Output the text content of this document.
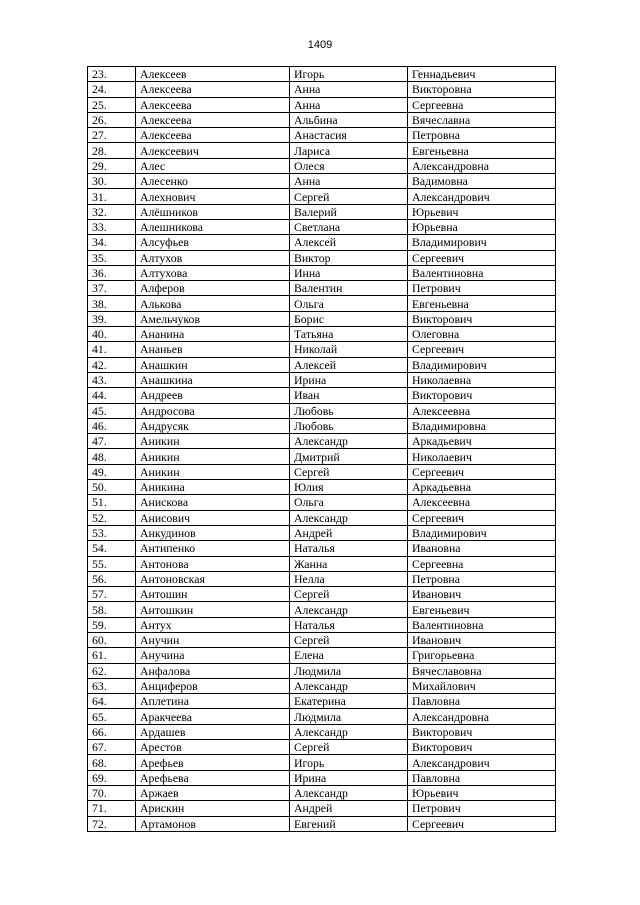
1409
23.	Алексеев	Игорь	Геннадьевич
24.	Алексеева	Анна	Викторовна
25.	Алексеева	Анна	Сергеевна
26.	Алексеева	Альбина	Вячеславна
27.	Алексеева	Анастасия	Петровна
28.	Алексеевич	Лариса	Евгеньевна
29.	Алес	Олеся	Александровна
30.	Алесенко	Анна	Вадимовна
31.	Алехнович	Сергей	Александрович
32.	Алёшников	Валерий	Юрьевич
33.	Алешникова	Светлана	Юрьевна
34.	Алсуфьев	Алексей	Владимирович
35.	Алтухов	Виктор	Сергеевич
36.	Алтухова	Инна	Валентиновна
37.	Алферов	Валентин	Петрович
38.	Алькова	Ольга	Евгеньевна
39.	Амельчуков	Борис	Викторович
40.	Ананина	Татьяна	Олеговна
41.	Ананьев	Николай	Сергеевич
42.	Анашкин	Алексей	Владимирович
43.	Анашкина	Ирина	Николаевна
44.	Андреев	Иван	Викторович
45.	Андросова	Любовь	Алексеевна
46.	Андрусяк	Любовь	Владимировна
47.	Аникин	Александр	Аркадьевич
48.	Аникин	Дмитрий	Николаевич
49.	Аникин	Сергей	Сергеевич
50.	Аникина	Юлия	Аркадьевна
51.	Анискова	Ольга	Алексеевна
52.	Анисович	Александр	Сергеевич
53.	Анкудинов	Андрей	Владимирович
54.	Антипенко	Наталья	Ивановна
55.	Антонова	Жанна	Сергеевна
56.	Антоновская	Нелла	Петровна
57.	Антошин	Сергей	Иванович
58.	Антошкин	Александр	Евгеньевич
59.	Антух	Наталья	Валентиновна
60.	Анучин	Сергей	Иванович
61.	Анучина	Елена	Григорьевна
62.	Анфалова	Людмила	Вячеславовна
63.	Анциферов	Александр	Михайлович
64.	Аплетина	Екатерина	Павловна
65.	Аракчеева	Людмила	Александровна
66.	Ардашев	Александр	Викторович
67.	Арестов	Сергей	Викторович
68.	Арефьев	Игорь	Александрович
69.	Арефьева	Ирина	Павловна
70.	Аржаев	Александр	Юрьевич
71.	Арискин	Андрей	Петрович
72.	Артамонов	Евгений	Сергеевич
